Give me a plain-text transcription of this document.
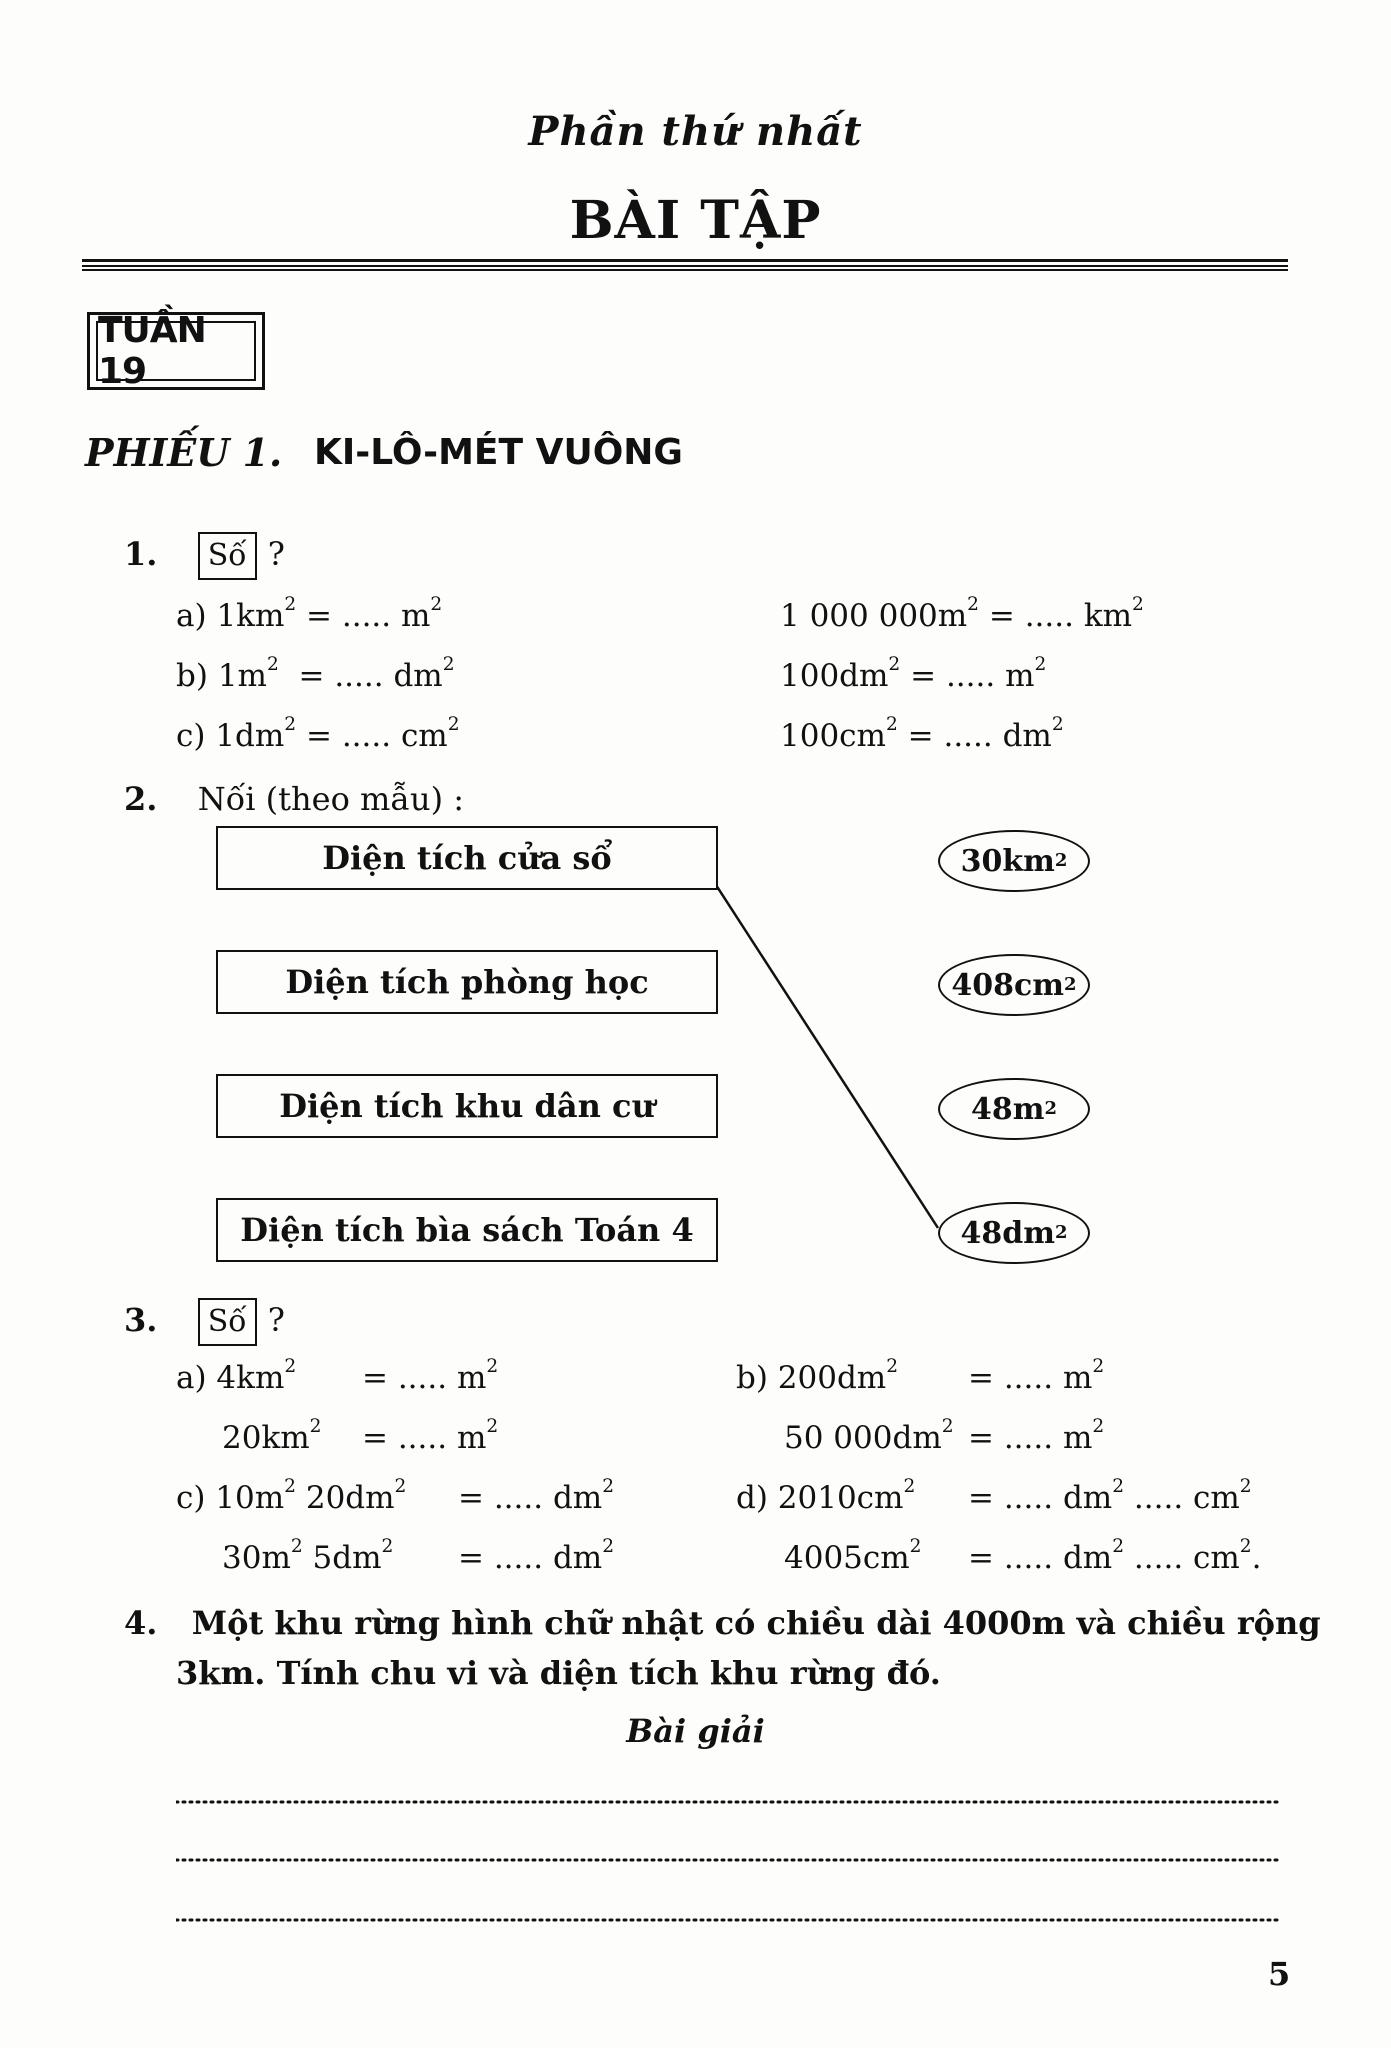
Phần thứ nhất
BÀI TẬP
TUẦN 19
PHIẾU 1. KI-LÔ-MÉT VUÔNG
1. Số ?
a) $1km^2$ = ..... $m^2$	1 000 $000m^2$ = ..... $km^2$
b) $1m^2$  = ..... $dm^2$	$100dm^2$ = ..... $m^2$
c) $1dm^2$ = ..... $cm^2$	$100cm^2$ = ..... $dm^2$
2. Nối (theo mẫu) :
Diện tích cửa sổ
Diện tích phòng học
Diện tích khu dân cư
Diện tích bìa sách Toán 4
30km 2
408cm 2
48m 2
48dm 2
3. Số ?
a) $4km^2$ = ..... $m^2$	b) $200dm^2$ = ..... $m^2$
$20km^2$ = ..... $m^2$	50 $000dm^2$ = ..... $m^2$
c) $10m^2$ $20dm^2$ = ..... $dm^2$	d) $2010cm^2$ = ..... $dm^2$ ..... $cm^2$
$30m^2$ $5dm^2$ = ..... $dm^2$	$4005cm^2$ = ..... $dm^2$ ..... $cm^2$.
4. Một khu rừng hình chữ nhật có chiều dài 4000m và chiều rộng
3km. Tính chu vi và diện tích khu rừng đó.
Bài giải
5
